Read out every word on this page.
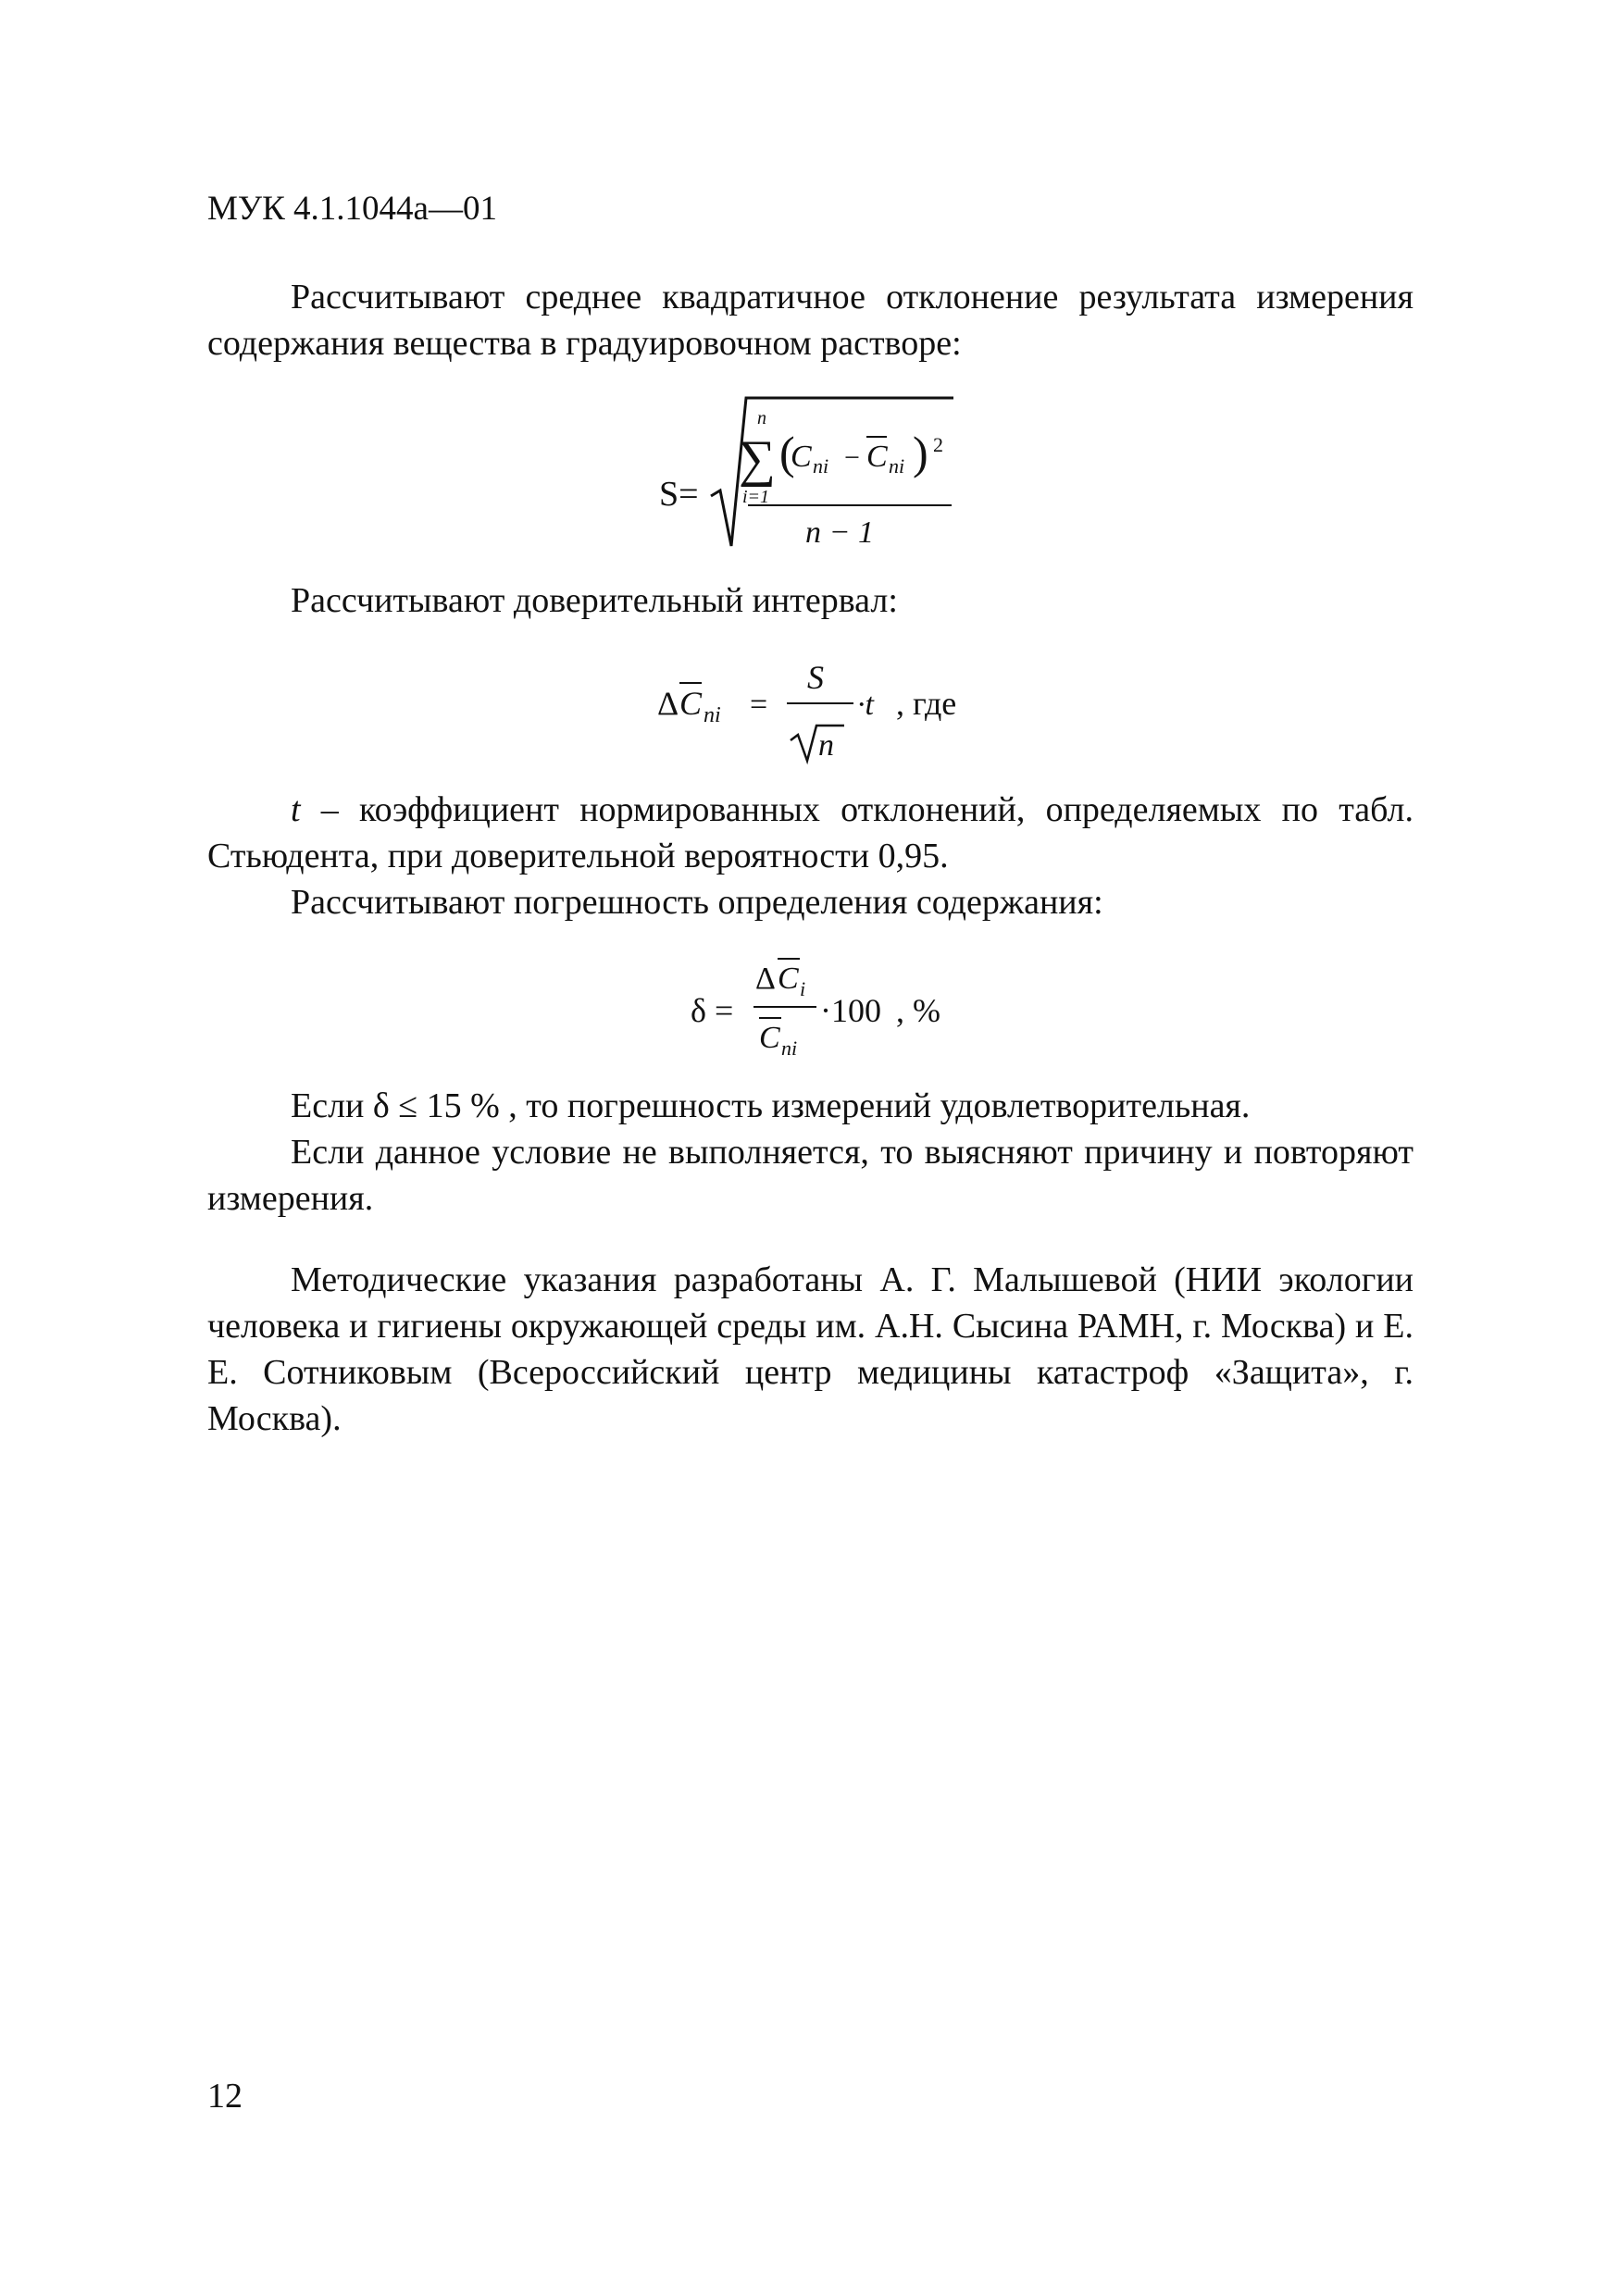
МУК 4.1.1044а—01

Рассчитывают среднее квадратичное отклонение результата измерения содержания вещества в градуировочном растворе:

S=
n
∑
i=1
(
C ni − C ni ) 2
n − 1

Рассчитывают доверительный интервал:

Δ C ni =
S
n
·t , где

t – коэффициент нормированных отклонений, определяемых по табл. Стьюдента, при доверительной вероятности 0,95.

Рассчитывают погрешность определения содержания:

δ =
Δ C i
C ni
·100 , %

Если δ ≤ 15 % , то погрешность измерений удовлетворительная.

Если данное условие не выполняется, то выясняют причину и повторяют измерения.

Методические указания разработаны А. Г. Малышевой (НИИ экологии человека и гигиены окружающей среды им. А.Н. Сысина РАМН, г. Москва) и Е. Е. Сотниковым (Всероссийский центр медицины катастроф «Защита», г. Москва).

12
